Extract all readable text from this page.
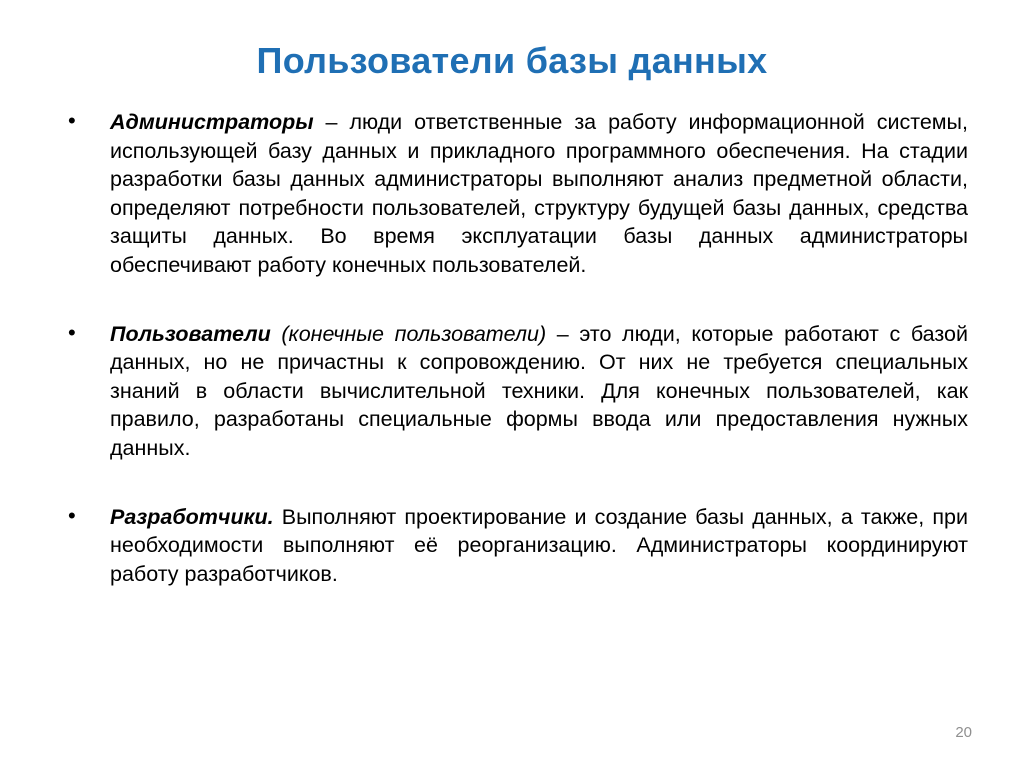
Пользователи базы данных
• Администраторы – люди ответственные за работу информационной системы, использующей базу данных и прикладного программного обеспечения. На стадии разработки базы данных администраторы выполняют анализ предметной области, определяют потребности пользователей, структуру будущей базы данных, средства защиты данных. Во время эксплуатации базы данных администраторы обеспечивают работу конечных пользователей.
• Пользователи (конечные пользователи) – это люди, которые работают с базой данных, но не причастны к сопровождению. От них не требуется специальных знаний в области вычислительной техники. Для конечных пользователей, как правило, разработаны специальные формы ввода или предоставления нужных данных.
• Разработчики. Выполняют проектирование и создание базы данных, а также, при необходимости выполняют её реорганизацию. Администраторы координируют работу разработчиков.
20
